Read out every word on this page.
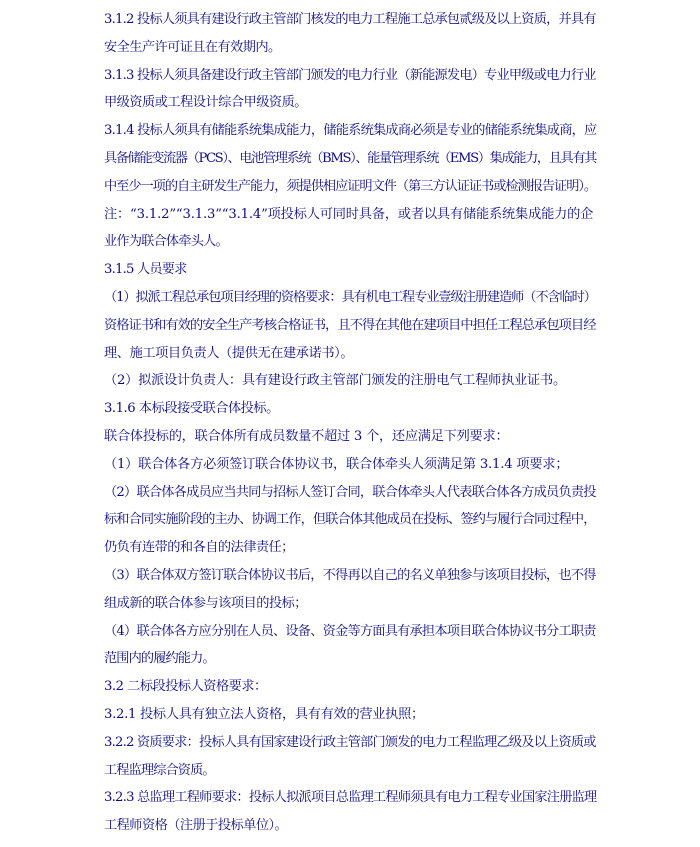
3.1.2 投标人须具有建设行政主管部门核发的电力工程施工总承包贰级及以上资质，并具有
安全生产许可证且在有效期内。

3.1.3 投标人须具备建设行政主管部门颁发的电力行业（新能源发电）专业甲级或电力行业
甲级资质或工程设计综合甲级资质。

3.1.4 投标人须具有储能系统集成能力，储能系统集成商必须是专业的储能系统集成商，应
具备储能变流器（PCS）、电池管理系统（BMS）、能量管理系统（EMS）集成能力，且具有其
中至少一项的自主研发生产能力，须提供相应证明文件（第三方认证证书或检测报告证明）。
注：“3.1.2”“3.1.3”“3.1.4”项投标人可同时具备，或者以具有储能系统集成能力的企
业作为联合体牵头人。

3.1.5 人员要求

（1）拟派工程总承包项目经理的资格要求：具有机电工程专业壹级注册建造师（不含临时）
资格证书和有效的安全生产考核合格证书，且不得在其他在建项目中担任工程总承包项目经
理、施工项目负责人（提供无在建承诺书）。

（2）拟派设计负责人：具有建设行政主管部门颁发的注册电气工程师执业证书。

3.1.6 本标段接受联合体投标。

联合体投标的，联合体所有成员数量不超过 3 个，还应满足下列要求：

（1）联合体各方必须签订联合体协议书，联合体牵头人须满足第 3.1.4 项要求；

（2）联合体各成员应当共同与招标人签订合同，联合体牵头人代表联合体各方成员负责投
标和合同实施阶段的主办、协调工作，但联合体其他成员在投标、签约与履行合同过程中，
仍负有连带的和各自的法律责任；

（3）联合体双方签订联合体协议书后，不得再以自己的名义单独参与该项目投标，也不得
组成新的联合体参与该项目的投标；

（4）联合体各方应分别在人员、设备、资金等方面具有承担本项目联合体协议书分工职责
范围内的履约能力。

3.2 二标段投标人资格要求：

3.2.1 投标人具有独立法人资格，具有有效的营业执照；

3.2.2 资质要求：投标人具有国家建设行政主管部门颁发的电力工程监理乙级及以上资质或
工程监理综合资质。

3.2.3 总监理工程师要求：投标人拟派项目总监理工程师须具有电力工程专业国家注册监理
工程师资格（注册于投标单位）。
